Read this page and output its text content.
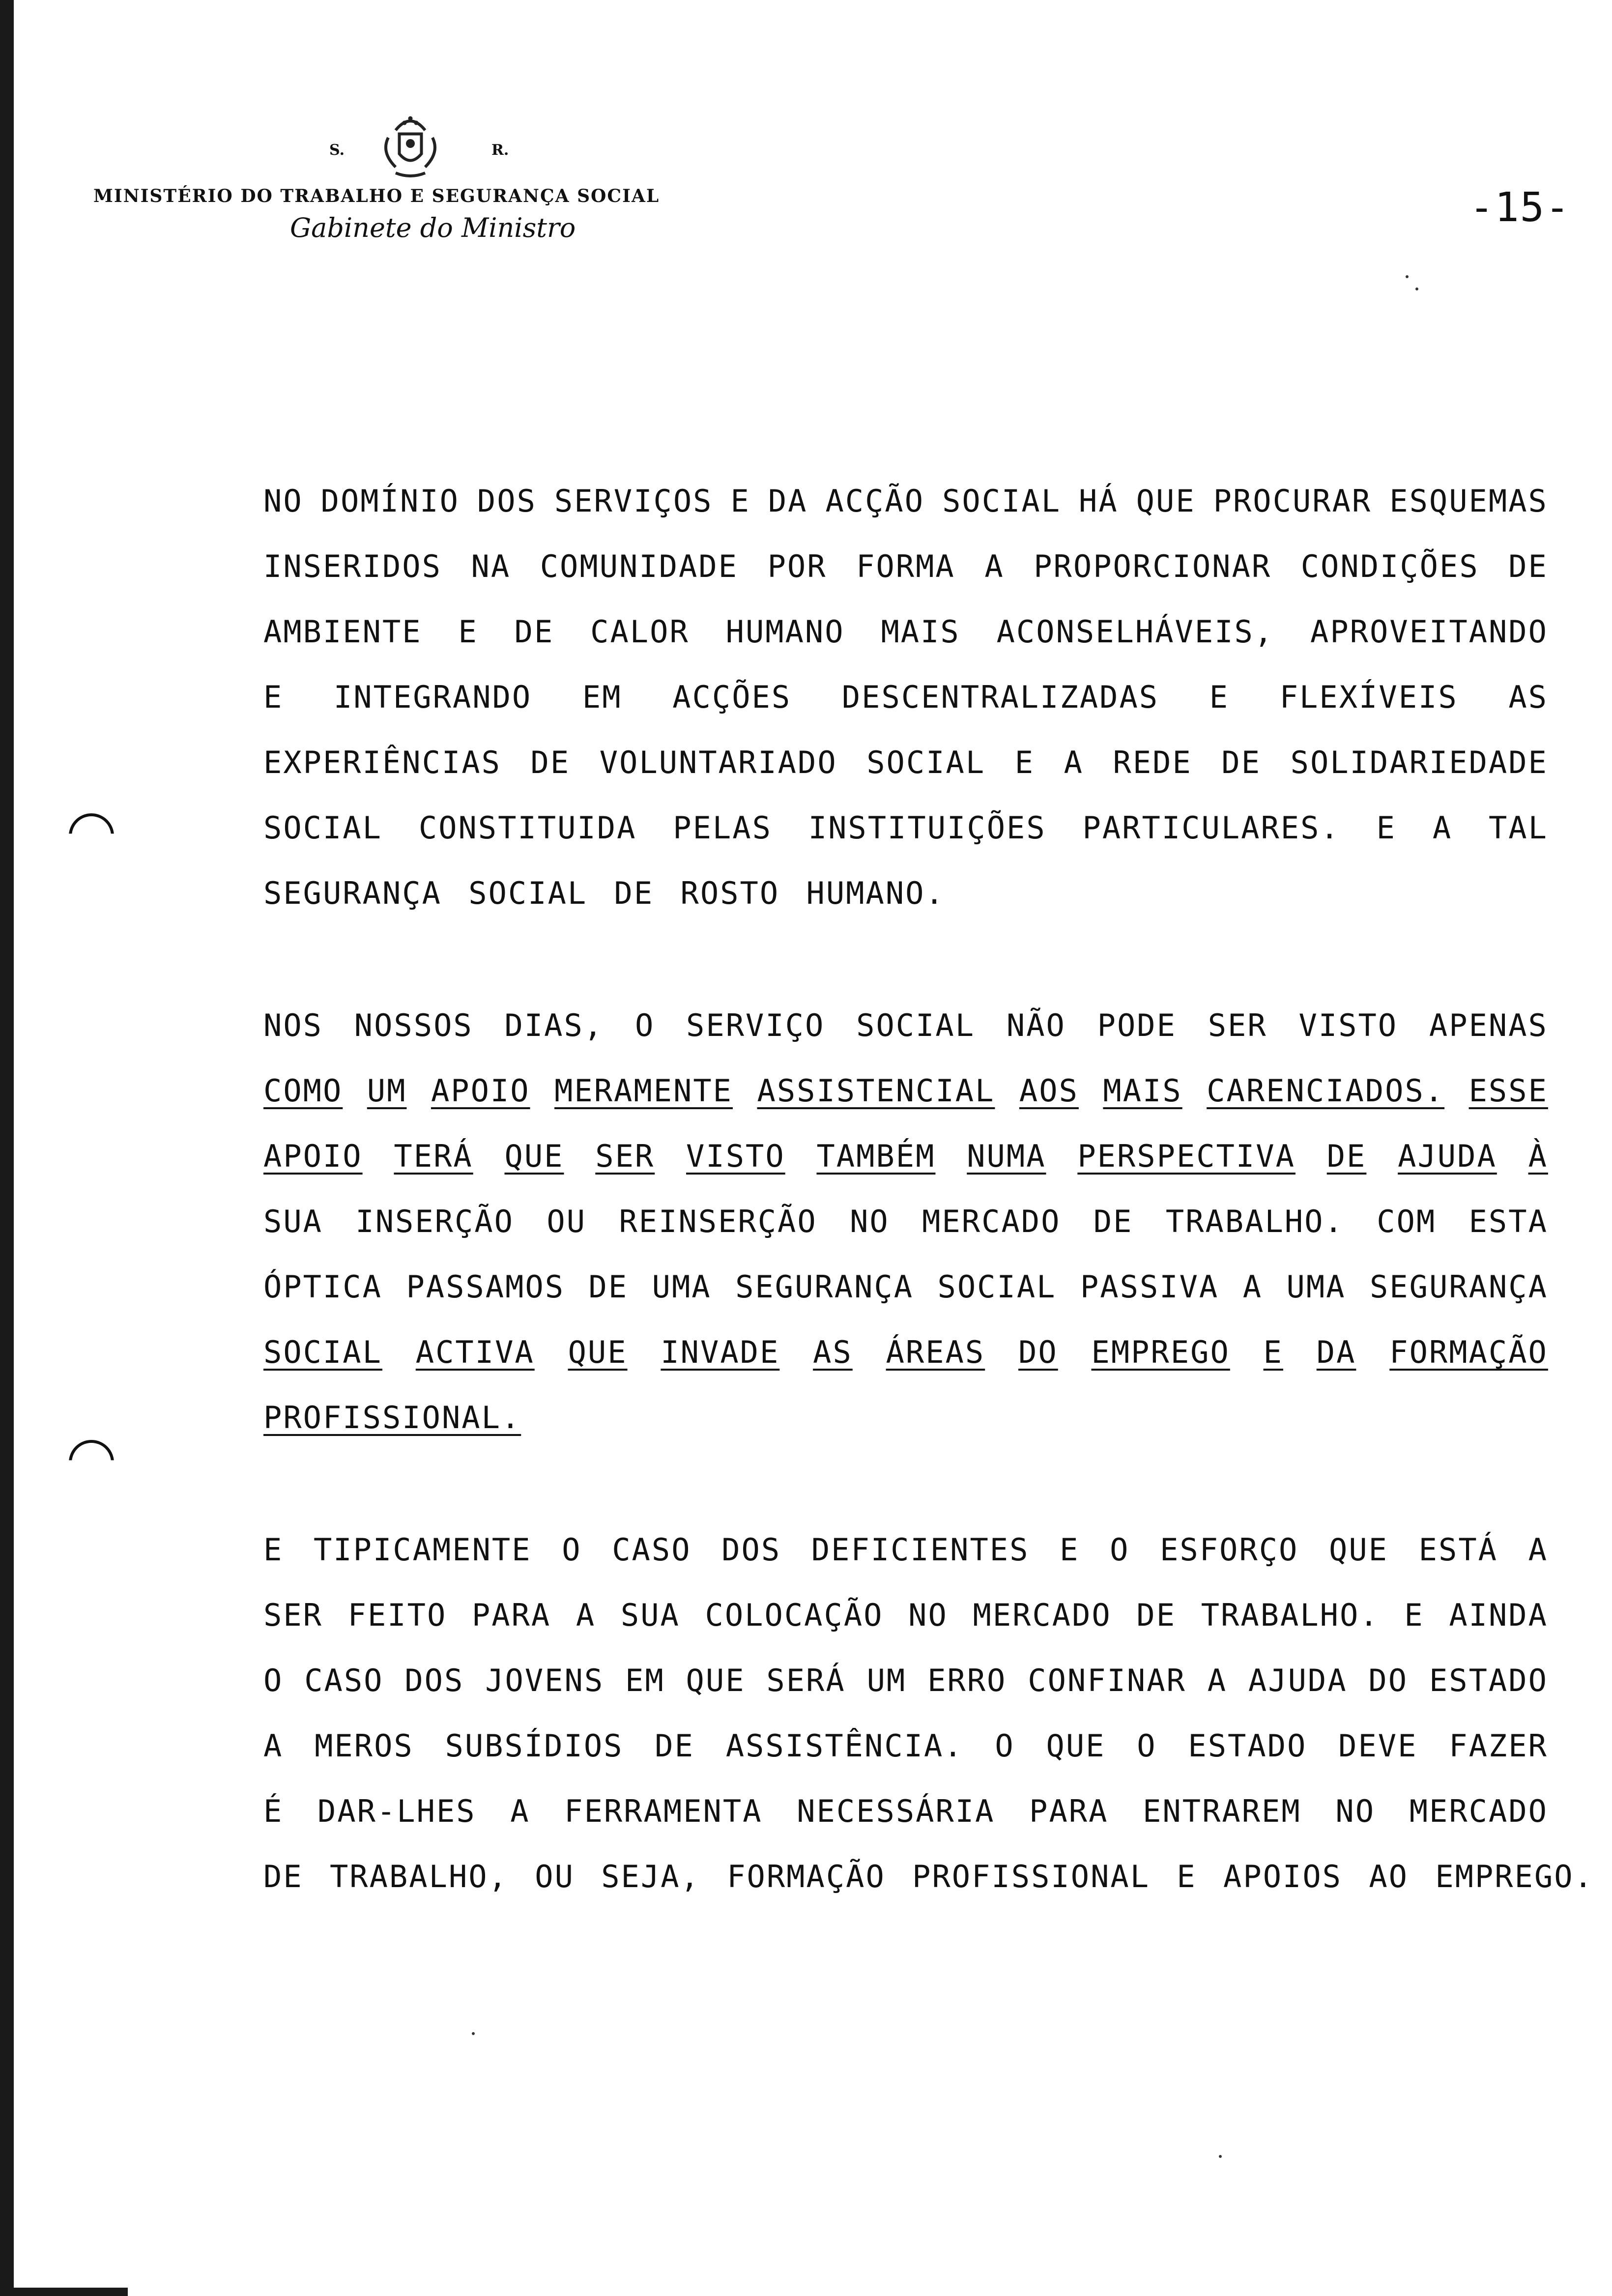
S.	R.
MINISTÉRIO DO TRABALHO E SEGURANÇA SOCIAL
Gabinete do Ministro	-15-
NO DOMÍNIO DOS SERVIÇOS E DA ACÇÃO SOCIAL HÁ QUE PROCURAR ESQUEMAS
INSERIDOS NA COMUNIDADE POR FORMA A PROPORCIONAR CONDIÇÕES DE
AMBIENTE E DE CALOR HUMANO MAIS ACONSELHÁVEIS, APROVEITANDO
E INTEGRANDO EM ACÇÕES DESCENTRALIZADAS E FLEXÍVEIS AS
EXPERIÊNCIAS DE VOLUNTARIADO SOCIAL E A REDE DE SOLIDARIEDADE
SOCIAL CONSTITUIDA PELAS INSTITUIÇÕES PARTICULARES. E A TAL
SEGURANÇA SOCIAL DE ROSTO HUMANO.
NOS NOSSOS DIAS, O SERVIÇO SOCIAL NÃO PODE SER VISTO APENAS
COMO UM APOIO MERAMENTE ASSISTENCIAL AOS MAIS CARENCIADOS. ESSE
APOIO TERÁ QUE SER VISTO TAMBÉM NUMA PERSPECTIVA DE AJUDA À
SUA INSERÇÃO OU REINSERÇÃO NO MERCADO DE TRABALHO. COM ESTA
ÓPTICA PASSAMOS DE UMA SEGURANÇA SOCIAL PASSIVA A UMA SEGURANÇA
SOCIAL ACTIVA QUE INVADE AS ÁREAS DO EMPREGO E DA FORMAÇÃO
PROFISSIONAL.
E TIPICAMENTE O CASO DOS DEFICIENTES E O ESFORÇO QUE ESTÁ A
SER FEITO PARA A SUA COLOCAÇÃO NO MERCADO DE TRABALHO. E AINDA
O CASO DOS JOVENS EM QUE SERÁ UM ERRO CONFINAR A AJUDA DO ESTADO
A MEROS SUBSÍDIOS DE ASSISTÊNCIA. O QUE O ESTADO DEVE FAZER
É DAR-LHES A FERRAMENTA NECESSÁRIA PARA ENTRAREM NO MERCADO
DE TRABALHO, OU SEJA, FORMAÇÃO PROFISSIONAL E APOIOS AO EMPREGO.
